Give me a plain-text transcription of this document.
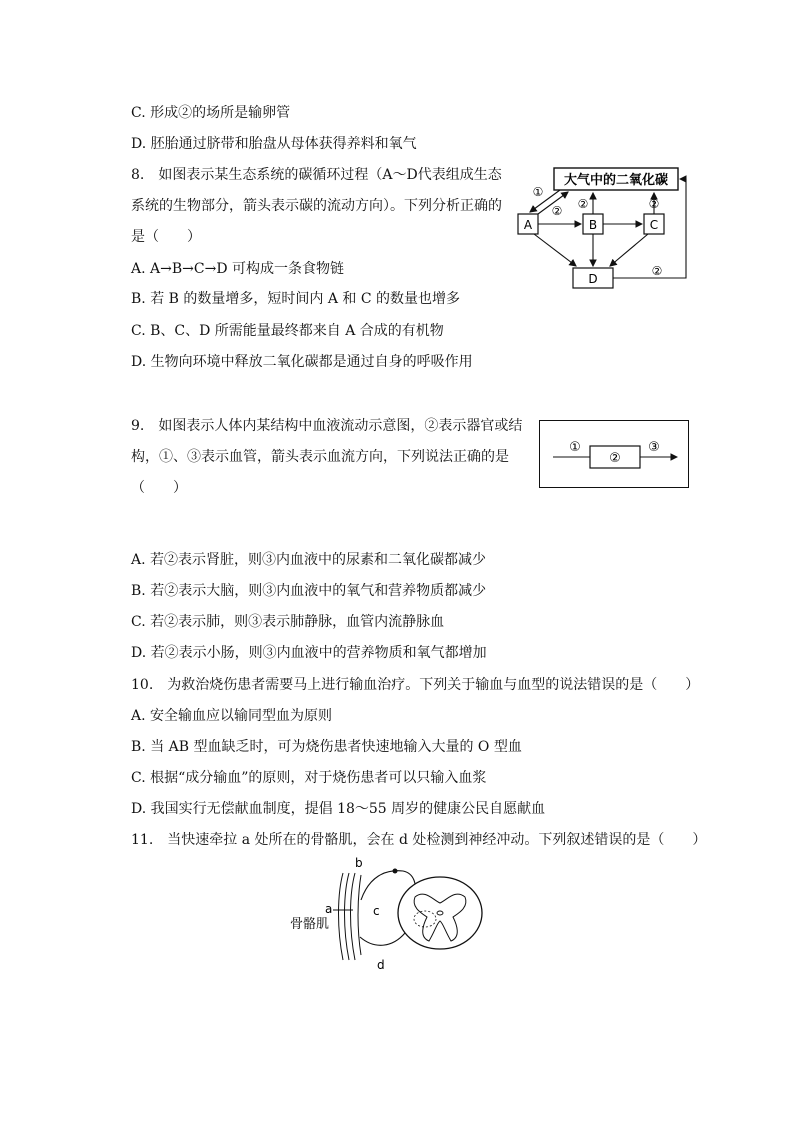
C. 形成②的场所是输卵管
D. 胚胎通过脐带和胎盘从母体获得养料和氧气
8.　如图表示某生态系统的碳循环过程（A～D代表组成生态
系统的生物部分，箭头表示碳的流动方向）。下列分析正确的
是（　　）
A. A→B→C→D 可构成一条食物链
B. 若 B 的数量增多，短时间内 A 和 C 的数量也增多
C. B、C、D 所需能量最终都来自 A 合成的有机物
D. 生物向环境中释放二氧化碳都是通过自身的呼吸作用
大气中的二氧化碳
A	B	C
D
①
② ②	②
②
9.　如图表示人体内某结构中血液流动示意图，②表示器官或结
构，①、③表示血管，箭头表示血流方向，下列说法正确的是
（　　）
①
②
③
A. 若②表示肾脏，则③内血液中的尿素和二氧化碳都减少
B. 若②表示大脑，则③内血液中的氧气和营养物质都减少
C. 若②表示肺，则③表示肺静脉，血管内流静脉血
D. 若②表示小肠，则③内血液中的营养物质和氧气都增加
10.　为救治烧伤患者需要马上进行输血治疗。下列关于输血与血型的说法错误的是（　　）
A. 安全输血应以输同型血为原则
B. 当 AB 型血缺乏时，可为烧伤患者快速地输入大量的 O 型血
C. 根据“成分输血”的原则，对于烧伤患者可以只输入血浆
D. 我国实行无偿献血制度，提倡 18～55 周岁的健康公民自愿献血
11.　当快速牵拉 a 处所在的骨骼肌，会在 d 处检测到神经冲动。下列叙述错误的是（　　）
b
a	c
骨骼肌
d
